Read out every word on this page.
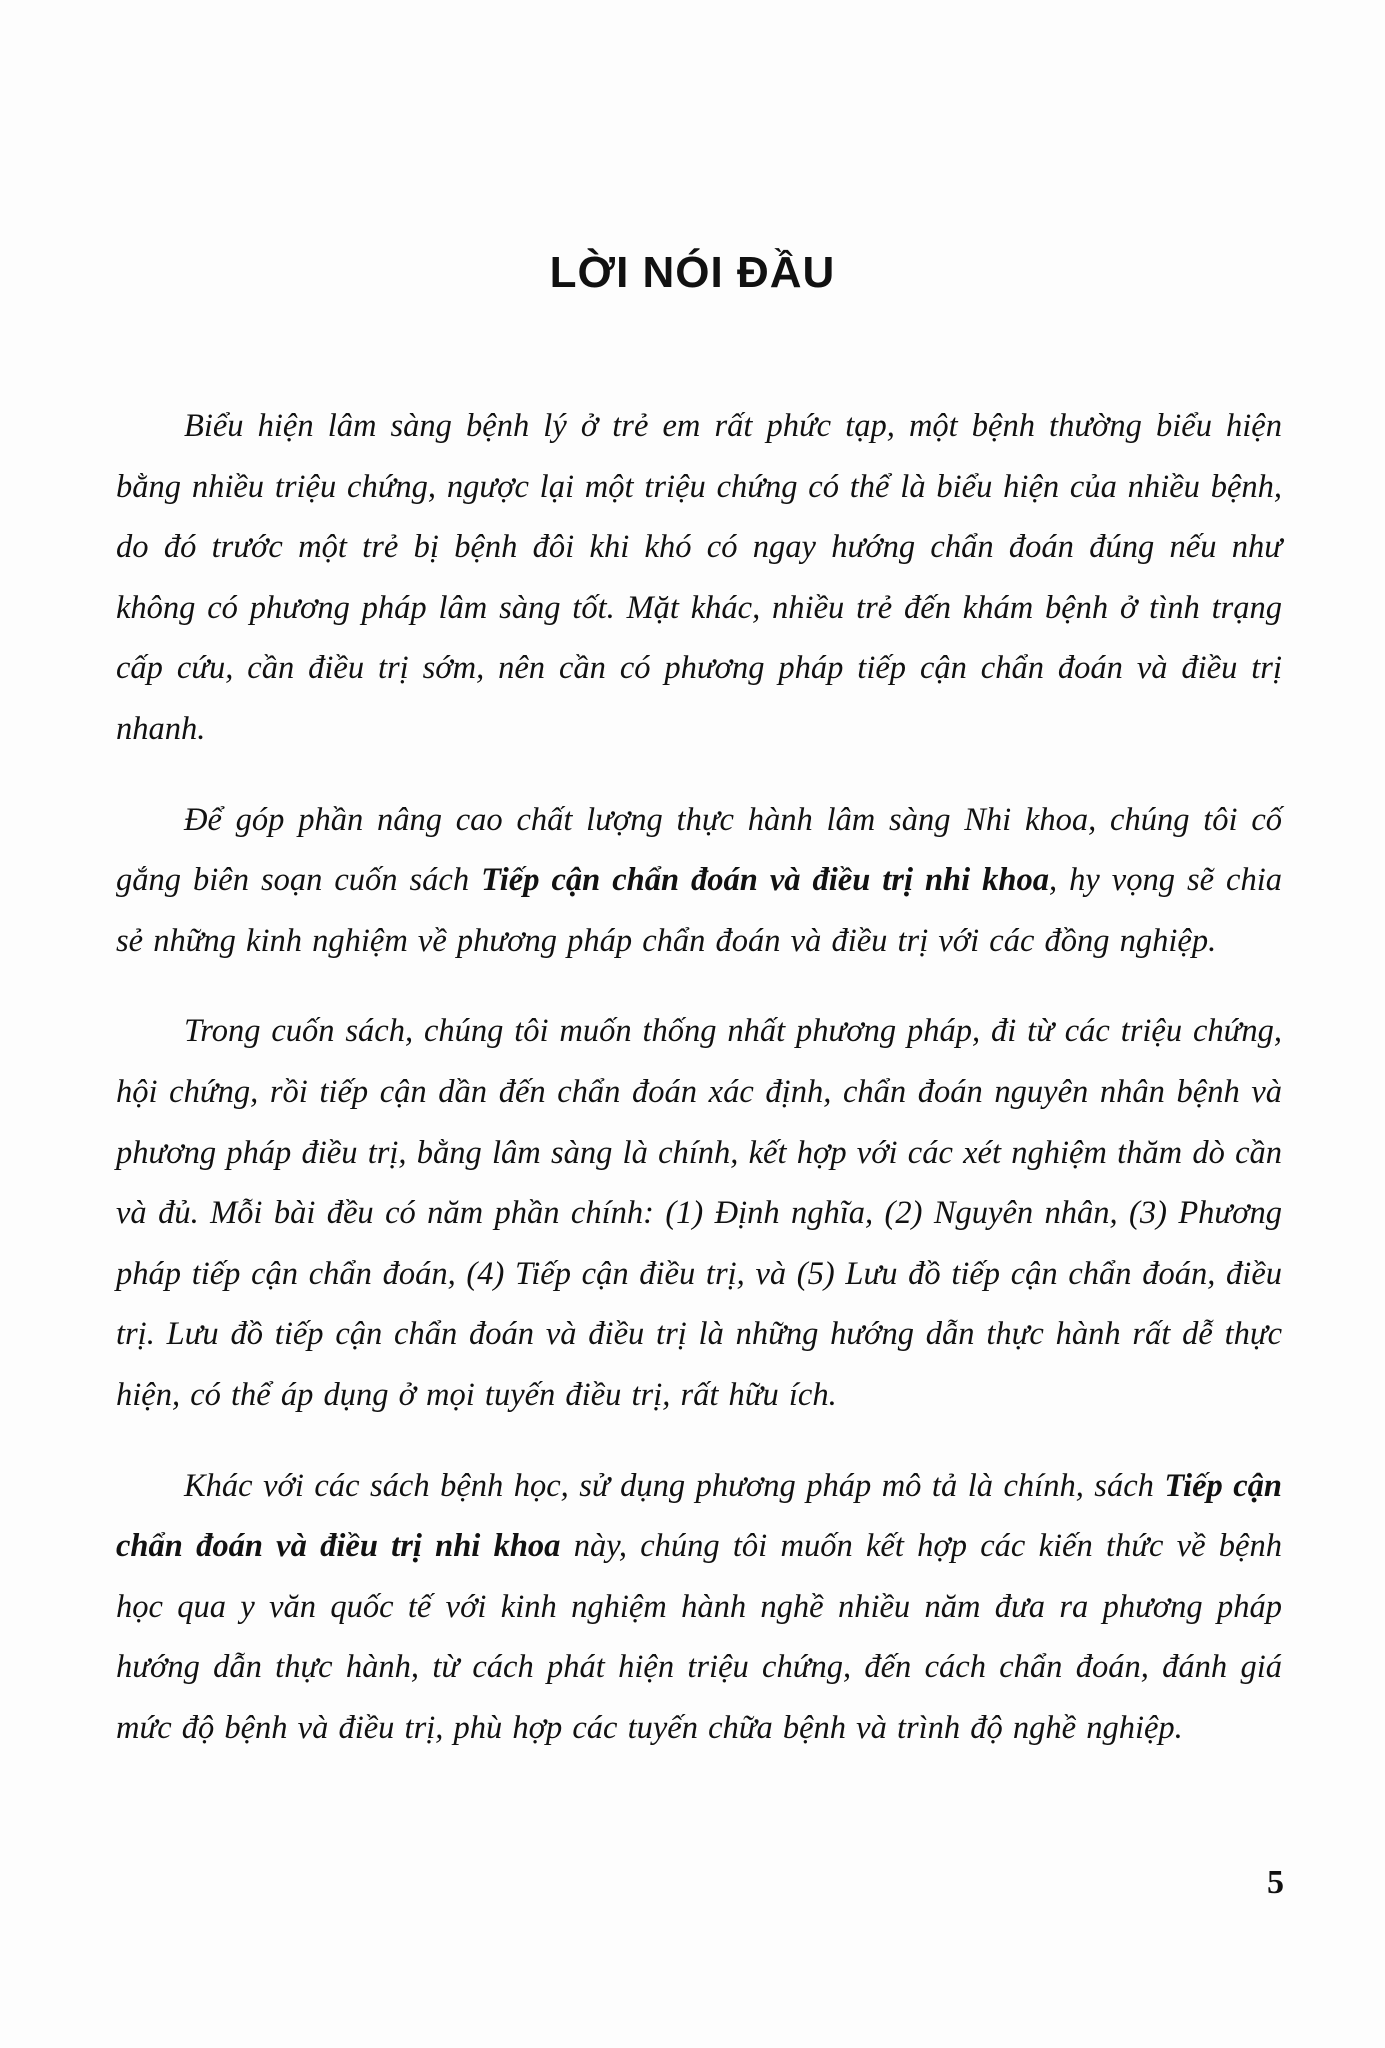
LỜI NÓI ĐẦU

Biểu hiện lâm sàng bệnh lý ở trẻ em rất phức tạp, một bệnh thường biểu hiện bằng nhiều triệu chứng, ngược lại một triệu chứng có thể là biểu hiện của nhiều bệnh, do đó trước một trẻ bị bệnh đôi khi khó có ngay hướng chẩn đoán đúng nếu như không có phương pháp lâm sàng tốt. Mặt khác, nhiều trẻ đến khám bệnh ở tình trạng cấp cứu, cần điều trị sớm, nên cần có phương pháp tiếp cận chẩn đoán và điều trị nhanh.

Để góp phần nâng cao chất lượng thực hành lâm sàng Nhi khoa, chúng tôi cố gắng biên soạn cuốn sách Tiếp cận chẩn đoán và điều trị nhi khoa, hy vọng sẽ chia sẻ những kinh nghiệm về phương pháp chẩn đoán và điều trị với các đồng nghiệp.

Trong cuốn sách, chúng tôi muốn thống nhất phương pháp, đi từ các triệu chứng, hội chứng, rồi tiếp cận dần đến chẩn đoán xác định, chẩn đoán nguyên nhân bệnh và phương pháp điều trị, bằng lâm sàng là chính, kết hợp với các xét nghiệm thăm dò cần và đủ. Mỗi bài đều có năm phần chính: (1) Định nghĩa, (2) Nguyên nhân, (3) Phương pháp tiếp cận chẩn đoán, (4) Tiếp cận điều trị, và (5) Lưu đồ tiếp cận chẩn đoán, điều trị. Lưu đồ tiếp cận chẩn đoán và điều trị là những hướng dẫn thực hành rất dễ thực hiện, có thể áp dụng ở mọi tuyến điều trị, rất hữu ích.

Khác với các sách bệnh học, sử dụng phương pháp mô tả là chính, sách Tiếp cận chẩn đoán và điều trị nhi khoa này, chúng tôi muốn kết hợp các kiến thức về bệnh học qua y văn quốc tế với kinh nghiệm hành nghề nhiều năm đưa ra phương pháp hướng dẫn thực hành, từ cách phát hiện triệu chứng, đến cách chẩn đoán, đánh giá mức độ bệnh và điều trị, phù hợp các tuyến chữa bệnh và trình độ nghề nghiệp.

5
